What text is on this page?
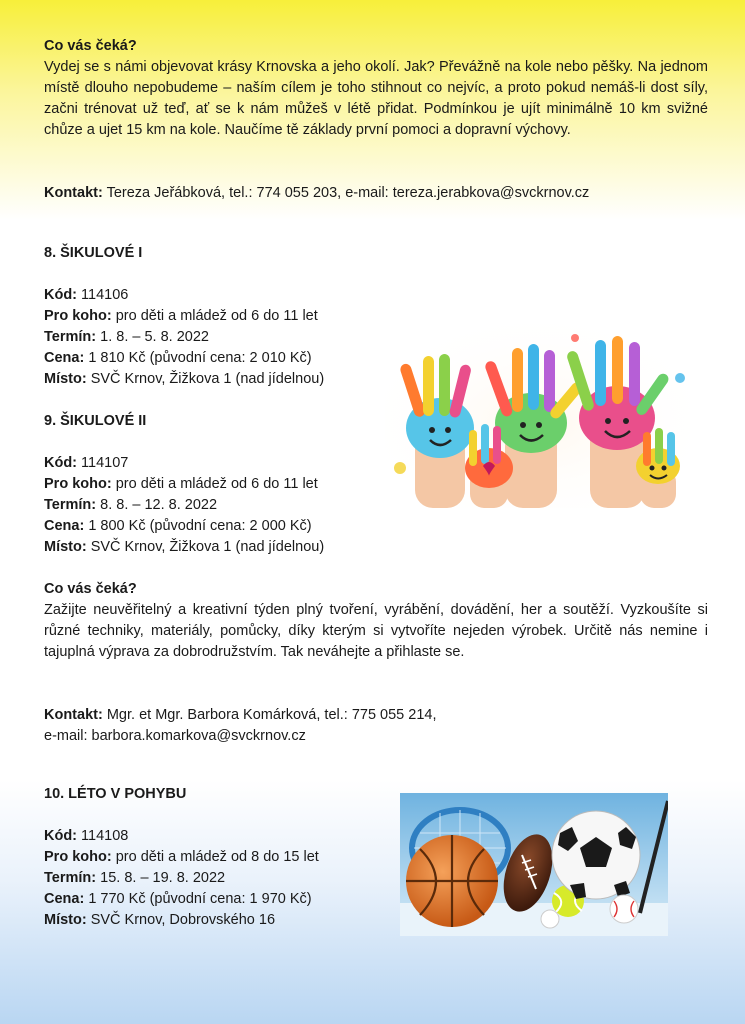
Co vás čeká?

Vydej se s námi objevovat krásy Krnovska a jeho okolí. Jak? Převážně na kole nebo pěšky. Na jednom místě dlouho nepobudeme – naším cílem je toho stihnout co nejvíc, a proto pokud nemáš-li dost síly, začni trénovat už teď, ať se k nám můžeš v létě přidat. Podmínkou je ujít minimálně 10 km svižné chůze a ujet 15 km na kole. Naučíme tě základy první pomoci a dopravní výchovy.

Kontakt: Tereza Jeřábková, tel.: 774 055 203, e-mail: tereza.jerabkova@svckrnov.cz

8. ŠIKULOVÉ I

Kód: 114106

Pro koho: pro děti a mládež od 6 do 11 let

Termín: 1. 8. – 5. 8. 2022

Cena: 1 810 Kč (původní cena: 2 010 Kč)

Místo: SVČ Krnov, Žižkova 1 (nad jídelnou)

9. ŠIKULOVÉ II

Kód: 114107

Pro koho: pro děti a mládež od 6 do 11 let

Termín: 8. 8. – 12. 8. 2022

Cena: 1 800 Kč (původní cena: 2 000 Kč)

Místo: SVČ Krnov, Žižkova 1 (nad jídelnou)

Co vás čeká?

Zažijte neuvěřitelný a kreativní týden plný tvoření, vyrábění, dovádění, her a soutěží. Vyzkoušíte si různé techniky, materiály, pomůcky, díky kterým si vytvoříte nejeden výrobek. Určitě nás nemine i tajuplná výprava za dobrodružstvím. Tak neváhejte a přihlaste se.

Kontakt: Mgr. et Mgr. Barbora Komárková, tel.: 775 055 214,

e-mail: barbora.komarkova@svckrnov.cz

10. LÉTO V POHYBU

Kód: 114108

Pro koho: pro děti a mládež od 8 do 15 let

Termín: 15. 8. – 19. 8. 2022

Cena: 1 770 Kč (původní cena: 1 970 Kč)

Místo: SVČ Krnov, Dobrovského 16
